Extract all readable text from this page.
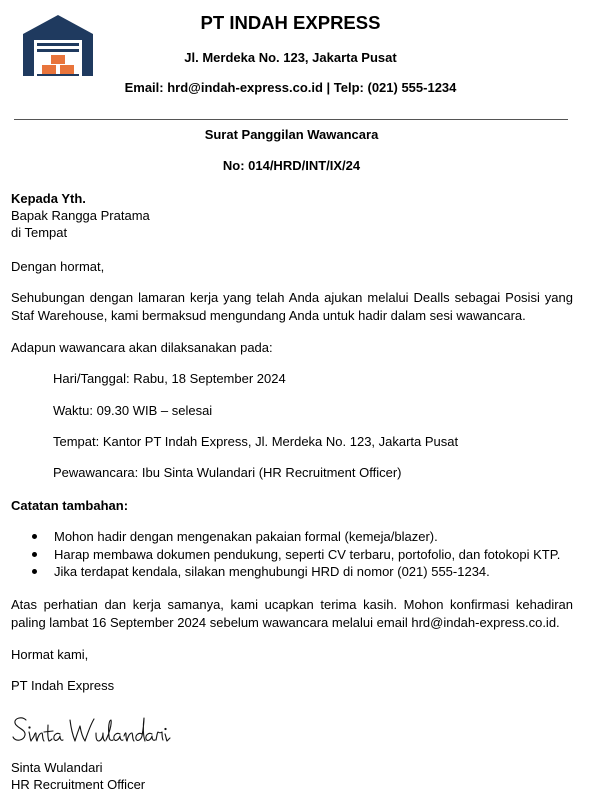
PT INDAH EXPRESS
Jl. Merdeka No. 123, Jakarta Pusat
Email: hrd@indah-express.co.id | Telp: (021) 555-1234
Surat Panggilan Wawancara
No: 014/HRD/INT/IX/24
Kepada Yth.
Bapak Rangga Pratama
di Tempat
Dengan hormat,
Sehubungan dengan lamaran kerja yang telah Anda ajukan melalui Dealls sebagai Posisi yang Staf Warehouse, kami bermaksud mengundang Anda untuk hadir dalam sesi wawancara.
Adapun wawancara akan dilaksanakan pada:
Hari/Tanggal: Rabu, 18 September 2024
Waktu: 09.30 WIB – selesai
Tempat: Kantor PT Indah Express, Jl. Merdeka No. 123, Jakarta Pusat
Pewawancara: Ibu Sinta Wulandari (HR Recruitment Officer)
Catatan tambahan:
Mohon hadir dengan mengenakan pakaian formal (kemeja/blazer).
Harap membawa dokumen pendukung, seperti CV terbaru, portofolio, dan fotokopi KTP.
Jika terdapat kendala, silakan menghubungi HRD di nomor (021) 555-1234.
Atas perhatian dan kerja samanya, kami ucapkan terima kasih. Mohon konfirmasi kehadiran paling lambat 16 September 2024 sebelum wawancara melalui email hrd@indah-express.co.id.
Hormat kami,
PT Indah Express
Sinta Wulandari
HR Recruitment Officer
